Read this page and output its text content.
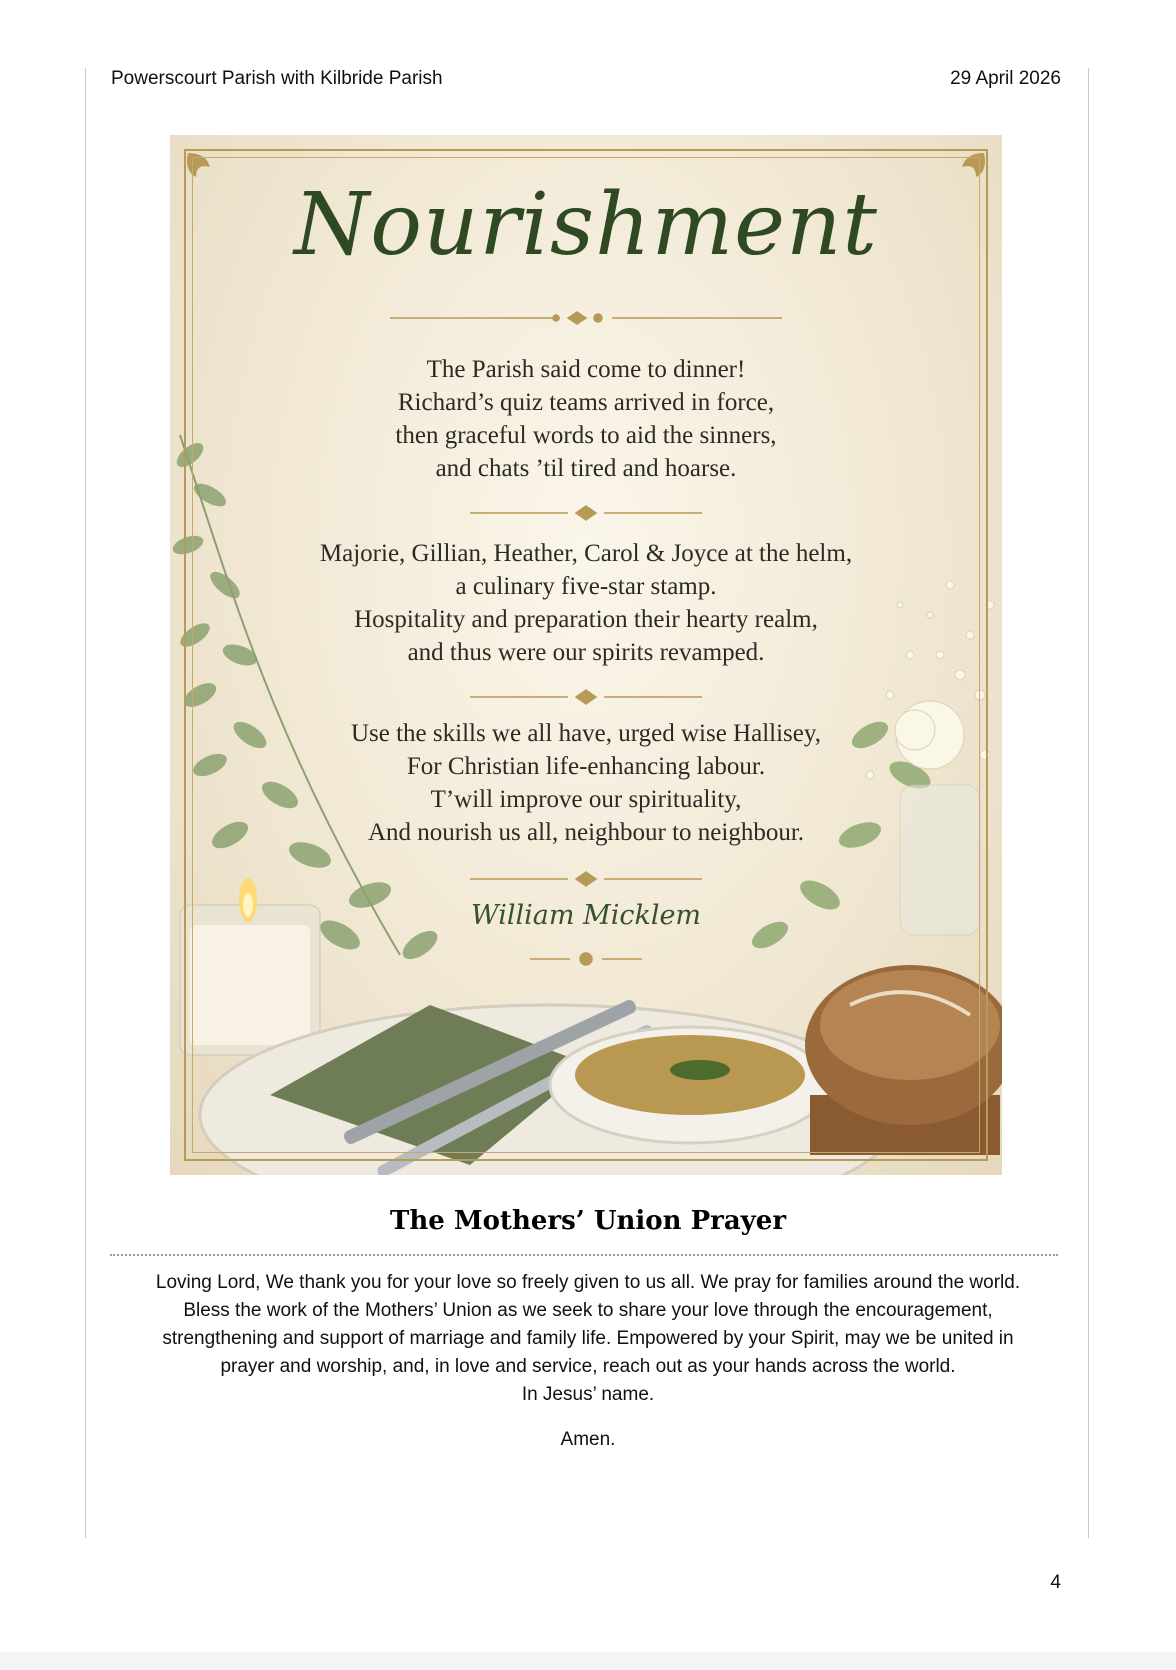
Powerscourt Parish with Kilbride Parish	29 April 2026
Nourishment
The Parish said come to dinner!
Richard’s quiz teams arrived in force,
then graceful words to aid the sinners,
and chats ’til tired and hoarse.
Majorie, Gillian, Heather, Carol & Joyce at the helm,
a culinary five-star stamp.
Hospitality and preparation their hearty realm,
and thus were our spirits revamped.
Use the skills we all have, urged wise Hallisey,
For Christian life-enhancing labour.
T’will improve our spirituality,
And nourish us all, neighbour to neighbour.
William Micklem
The Mothers’ Union Prayer
Loving Lord, We thank you for your love so freely given to us all. We pray for families around the world.
Bless the work of the Mothers’ Union as we seek to share your love through the encouragement,
strengthening and support of marriage and family life. Empowered by your Spirit, may we be united in
prayer and worship, and, in love and service, reach out as your hands across the world.
In Jesus’ name.
Amen.
4
